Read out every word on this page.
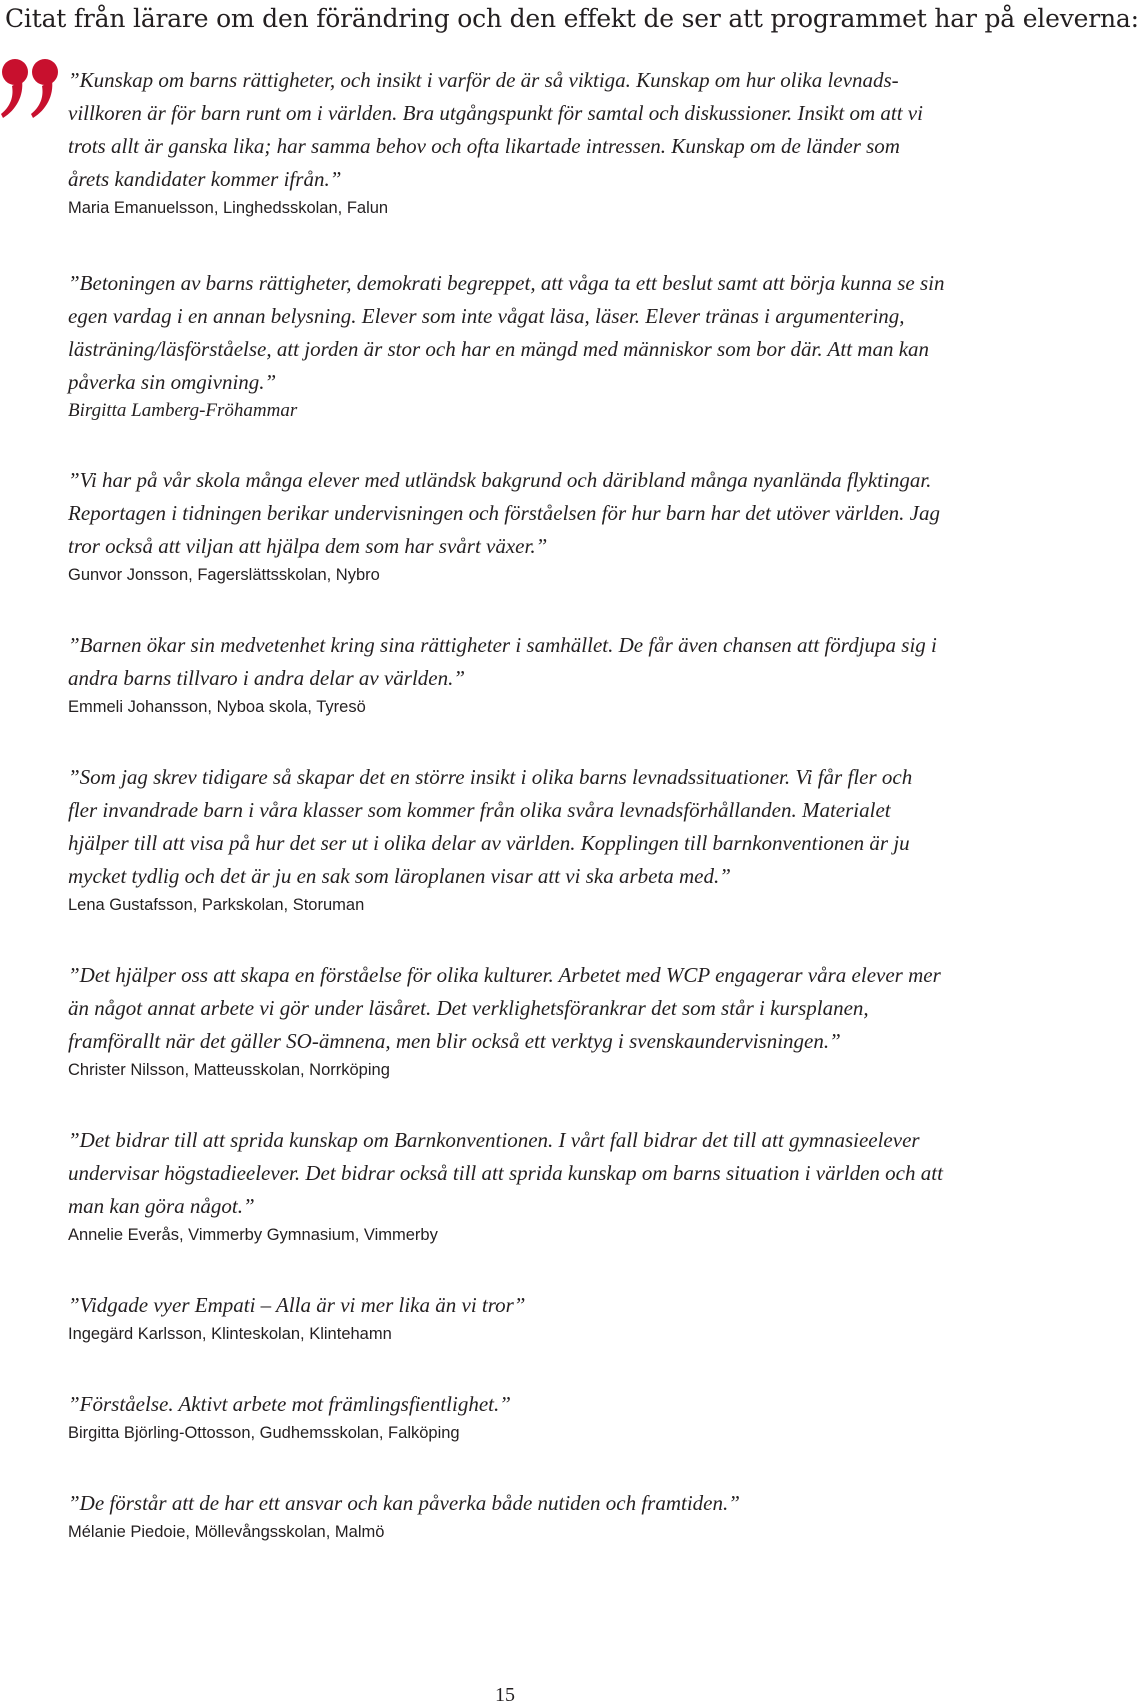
Citat från lärare om den förändring och den effekt de ser att programmet har på eleverna:

”Kunskap om barns rättigheter, och insikt i varför de är så viktiga. Kunskap om hur olika levnads-villkoren är för barn runt om i världen. Bra utgångspunkt för samtal och diskussioner. Insikt om att vi trots allt är ganska lika; har samma behov och ofta likartade intressen. Kunskap om de länder som årets kandidater kommer ifrån.”

Maria Emanuelsson, Linghedsskolan, Falun

”Betoningen av barns rättigheter, demokrati begreppet, att våga ta ett beslut samt att börja kunna se sin egen vardag i en annan belysning. Elever som inte vågat läsa, läser. Elever tränas i argumentering, lästräning/läsförståelse, att jorden är stor och har en mängd med människor som bor där. Att man kan påverka sin omgivning.”

Birgitta Lamberg-Fröhammar

”Vi har på vår skola många elever med utländsk bakgrund och däribland många nyanlända flyktingar. Reportagen i tidningen berikar undervisningen och förståelsen för hur barn har det utöver världen. Jag tror också att viljan att hjälpa dem som har svårt växer.”

Gunvor Jonsson, Fagerslättsskolan, Nybro

”Barnen ökar sin medvetenhet kring sina rättigheter i samhället. De får även chansen att fördjupa sig i andra barns tillvaro i andra delar av världen.”

Emmeli Johansson, Nyboa skola, Tyresö

”Som jag skrev tidigare så skapar det en större insikt i olika barns levnadssituationer. Vi får fler och fler invandrade barn i våra klasser som kommer från olika svåra levnadsförhållanden. Materialet hjälper till att visa på hur det ser ut i olika delar av världen. Kopplingen till barnkonventionen är ju mycket tydlig och det är ju en sak som läroplanen visar att vi ska arbeta med.”

Lena Gustafsson, Parkskolan, Storuman

”Det hjälper oss att skapa en förståelse för olika kulturer. Arbetet med WCP engagerar våra elever mer än något annat arbete vi gör under läsåret. Det verklighetsförankrar det som står i kursplanen, framförallt när det gäller SO-ämnena, men blir också ett verktyg i svenskaundervisningen.”

Christer Nilsson, Matteusskolan, Norrköping

”Det bidrar till att sprida kunskap om Barnkonventionen. I vårt fall bidrar det till att gymnasieelever undervisar högstadieelever. Det bidrar också till att sprida kunskap om barns situation i världen och att man kan göra något.”

Annelie Everås, Vimmerby Gymnasium, Vimmerby

”Vidgade vyer Empati – Alla är vi mer lika än vi tror”

Ingegärd Karlsson, Klinteskolan, Klintehamn

”Förståelse. Aktivt arbete mot främlingsfientlighet.”

Birgitta Björling-Ottosson, Gudhemsskolan, Falköping

”De förstår att de har ett ansvar och kan påverka både nutiden och framtiden.”

Mélanie Piedoie, Möllevångsskolan, Malmö

15
